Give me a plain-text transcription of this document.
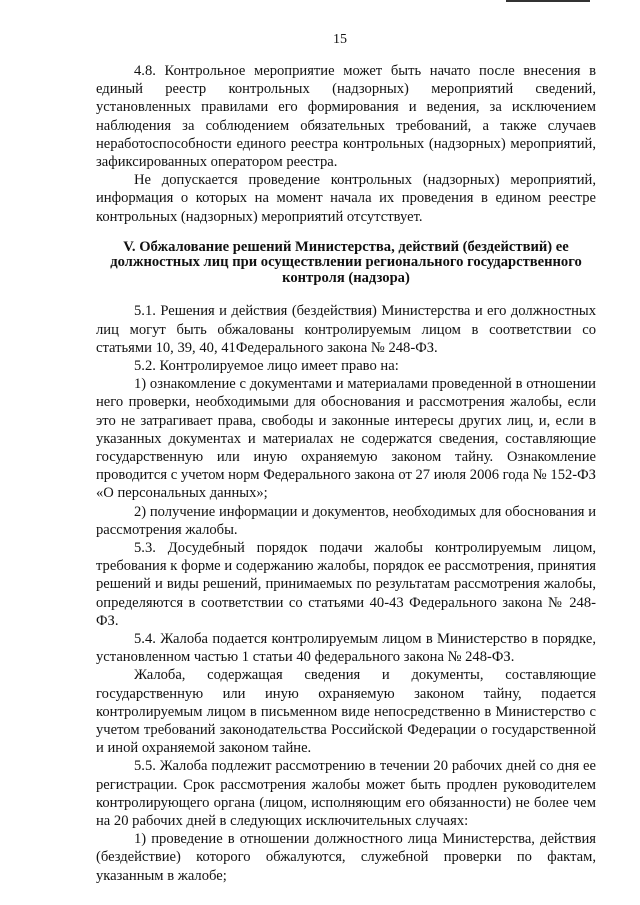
15

4.8. Контрольное мероприятие может быть начато после внесения в единый реестр контрольных (надзорных) мероприятий сведений, установленных правилами его формирования и ведения, за исключением наблюдения за соблюдением обязательных требований, а также случаев неработоспособности единого реестра контрольных (надзорных) мероприятий, зафиксированных оператором реестра.

Не допускается проведение контрольных (надзорных) мероприятий, информация о которых на момент начала их проведения в едином реестре контрольных (надзорных) мероприятий отсутствует.

V. Обжалование решений Министерства, действий (бездействий) ее должностных лиц при осуществлении регионального государственного контроля (надзора)

5.1. Решения и действия (бездействия) Министерства и его должностных лиц могут быть обжалованы контролируемым лицом в соответствии со статьями 10, 39, 40, 41Федерального закона № 248-ФЗ.

5.2. Контролируемое лицо имеет право на:

1) ознакомление с документами и материалами проведенной в отношении него проверки, необходимыми для обоснования и рассмотрения жалобы, если это не затрагивает права, свободы и законные интересы других лиц, и, если в указанных документах и материалах не содержатся сведения, составляющие государственную или иную охраняемую законом тайну. Ознакомление проводится с учетом норм Федерального закона от 27 июля 2006 года № 152-ФЗ «О персональных данных»;

2) получение информации и документов, необходимых для обоснования и рассмотрения жалобы.

5.3. Досудебный порядок подачи жалобы контролируемым лицом, требования к форме и содержанию жалобы, порядок ее рассмотрения, принятия решений и виды решений, принимаемых по результатам рассмотрения жалобы, определяются в соответствии со статьями 40-43 Федерального закона № 248-ФЗ.

5.4. Жалоба подается контролируемым лицом в Министерство в порядке, установленном частью 1 статьи 40 федерального закона № 248-ФЗ.

Жалоба, содержащая сведения и документы, составляющие государственную или иную охраняемую законом тайну, подается контролируемым лицом в письменном виде непосредственно в Министерство с учетом требований законодательства Российской Федерации о государственной и иной охраняемой законом тайне.

5.5. Жалоба подлежит рассмотрению в течении 20 рабочих дней со дня ее регистрации. Срок рассмотрения жалобы может быть продлен руководителем контролирующего органа (лицом, исполняющим его обязанности) не более чем на 20 рабочих дней в следующих исключительных случаях:

1) проведение в отношении должностного лица Министерства, действия (бездействие) которого обжалуются, служебной проверки по фактам, указанным в жалобе;
